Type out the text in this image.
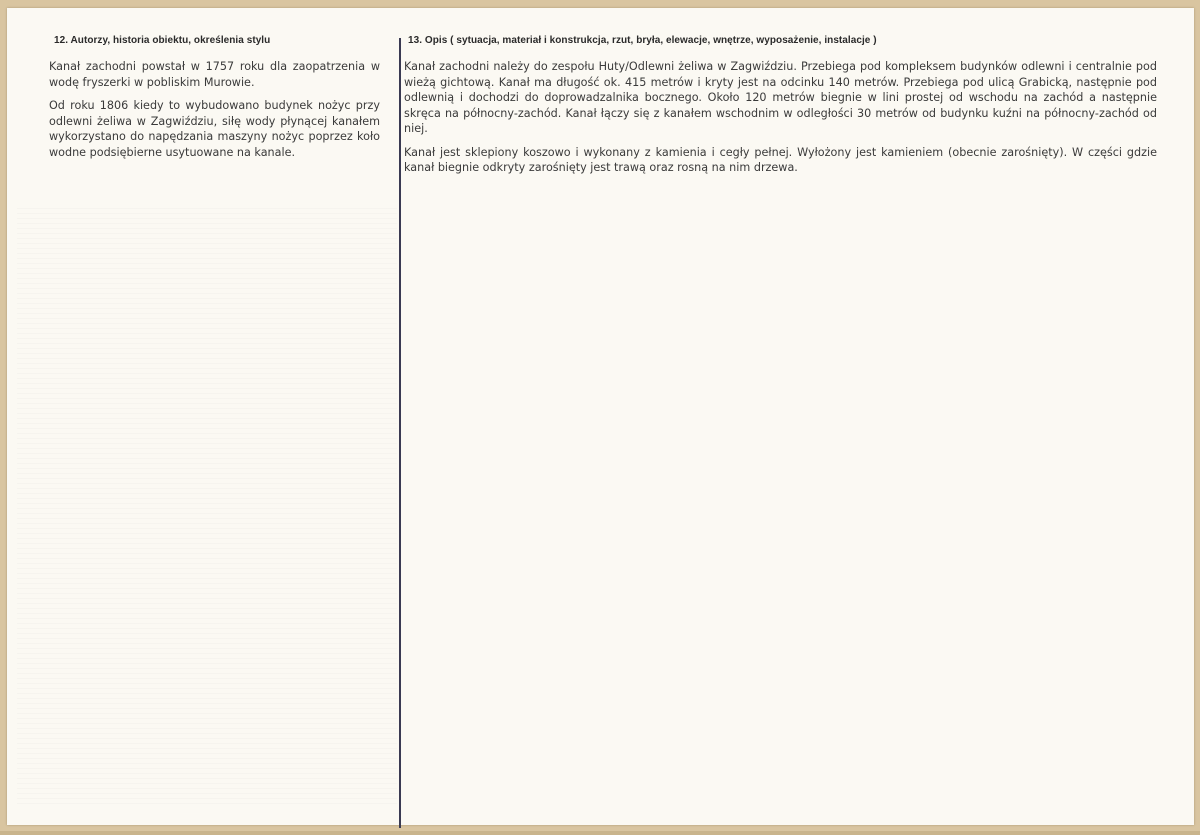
12. Autorzy, historia obiektu, określenia stylu	13. Opis ( sytuacja, materiał i konstrukcja, rzut, bryła, elewacje, wnętrze, wyposażenie, instalacje )

Kanał zachodni powstał w 1757 roku dla zaopatrzenia w wodę fryszerki w pobliskim Murowie.

Od roku 1806 kiedy to wybudowano budynek nożyc przy odlewni żeliwa w Zagwiździu, siłę wody płynącej kanałem wykorzystano do napędzania maszyny nożyc poprzez koło wodne podsiębierne usytuowane na kanale.

Kanał zachodni należy do zespołu Huty/Odlewni żeliwa w Zagwiździu. Przebiega pod kompleksem budynków odlewni i centralnie pod wieżą gichtową. Kanał ma długość ok. 415 metrów i kryty jest na odcinku 140 metrów. Przebiega pod ulicą Grabicką, następnie pod odlewnią i dochodzi do doprowadzalnika bocznego. Około 120 metrów biegnie w lini prostej od wschodu na zachód a następnie skręca na północny-zachód. Kanał łączy się z kanałem wschodnim w odległości 30 metrów od budynku kuźni na północny-zachód od niej.

Kanał jest sklepiony koszowo i wykonany z kamienia i cegły pełnej. Wyłożony jest kamieniem (obecnie zarośnięty). W części gdzie kanał biegnie odkryty zarośnięty jest trawą oraz rosną na nim drzewa.
